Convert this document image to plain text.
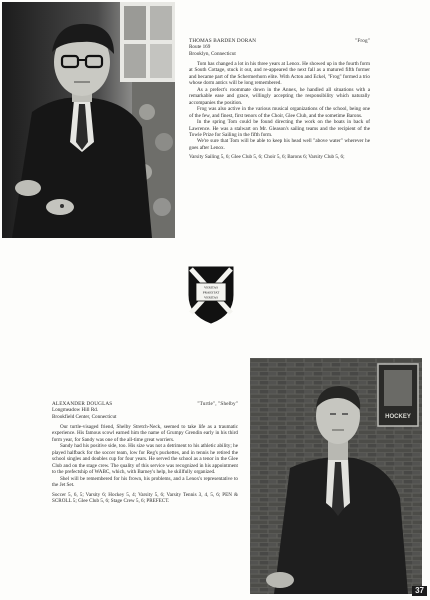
THOMAS BARDEN DORAN	"Frog"
Route 169
Brooklyn, Connecticut

Tom has changed a lot in his three years at Lenox. He showed up in the fourth form at South Cottage, stuck it out, and re-appeared the next fall as a matured fifth former and became part of the Schermerhorn elite. With Acton and Eckel, "Frog" formed a trio whose dorm antics will be long remembered.

As a prefect's roommate down in the Annex, he handled all situations with a remarkable ease and grace, willingly accepting the responsibility which naturally accompanies the position.

Frog was also active in the various musical organizations of the school, being one of the few, and finest, first tenors of the Choir, Glee Club, and the sometime Barons.

In the spring Tom could be found directing the work on the boats in back of Lawrence. He was a stalwart on Mr. Gleason's sailing teams and the recipient of the Towle Prize for Sailing in the fifth form.

We're sure that Tom will be able to keep his head well "above water" wherever he goes after Lenox.

Varsity Sailing 5, 6; Glee Club 5, 6; Choir 5, 6; Barons 6; Varsity Club 5, 6;

VERITAS
PRAESTAT
VERITAS
ALEXANDER DOUGLAS	"Turtle", "Shelby"
Longmeadow Hill Rd.
Brookfield Center, Connecticut

Our turtle-visaged friend, Shelby Stretch-Neck, seemed to take life as a traumatic experience. His famous scowl earned him the name of Grumpy Grendin early in his third form year, for Sandy was one of the all-time great worriers.

Sandy had his positive side, too. His size was not a detriment to his athletic ability; he played halfback for the soccer team, low for Reg's puckettes, and in tennis he retired the school singles and doubles cup for four years. He served the school as a tenor in the Glee Club and on the stage crew. The quality of this service was recognized in his appointment to the prefectship of WABC, which, with Barney's help, he skillfully organized.

Shel will be remembered for his frown, his problems, and a Lenox's representative to the Jet Set.

Soccer 5, 6, 5; Varsity 6; Hockey 5, 4; Varsity 5, 6; Varsity Tennis 3, 4, 5, 6; PEN & SCROLL 5; Glee Club 5, 6; Stage Crew 5, 6; PREFECT.

HOCKEY
37
